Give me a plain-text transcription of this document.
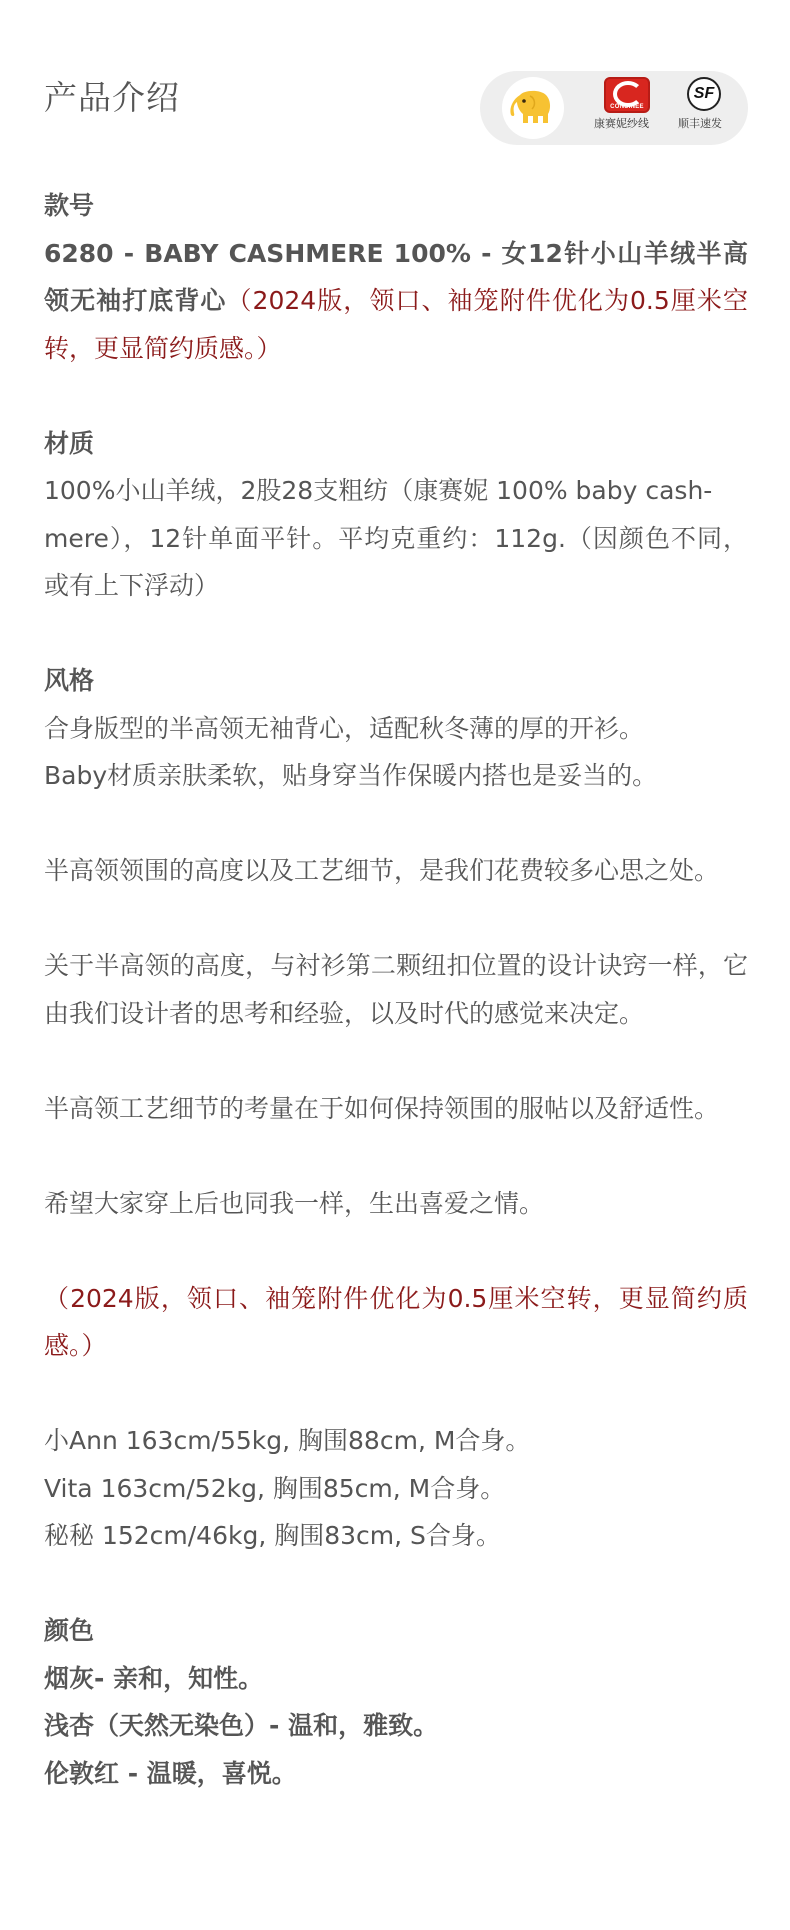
产品介绍	CONSINEE
康赛妮纱线
SF
顺丰速发

款号

6280 - BABY CASHMERE 100% - 女12针小山羊绒半高领无袖打底背心（2024版，领口、袖笼附件优化为0.5厘米空转，更显简约质感。）

材质

100%小山羊绒，2股28支粗纺（康赛妮 100% baby cash-

mere），12针单面平针。平均克重约：112g.（因颜色不同，或有上下浮动）

风格

合身版型的半高领无袖背心，适配秋冬薄的厚的开衫。

Baby材质亲肤柔软，贴身穿当作保暖内搭也是妥当的。

半高领领围的高度以及工艺细节，是我们花费较多心思之处。

关于半高领的高度，与衬衫第二颗纽扣位置的设计诀窍一样，它由我们设计者的思考和经验，以及时代的感觉来决定。

半高领工艺细节的考量在于如何保持领围的服帖以及舒适性。

希望大家穿上后也同我一样，生出喜爱之情。

（2024版，领口、袖笼附件优化为0.5厘米空转，更显简约质感。）

小Ann 163cm/55kg, 胸围88cm, M合身。

Vita 163cm/52kg, 胸围85cm, M合身。

秘秘 152cm/46kg, 胸围83cm, S合身。

颜色

烟灰- 亲和，知性。

浅杏（天然无染色）- 温和，雅致。

伦敦红 - 温暖，喜悦。
